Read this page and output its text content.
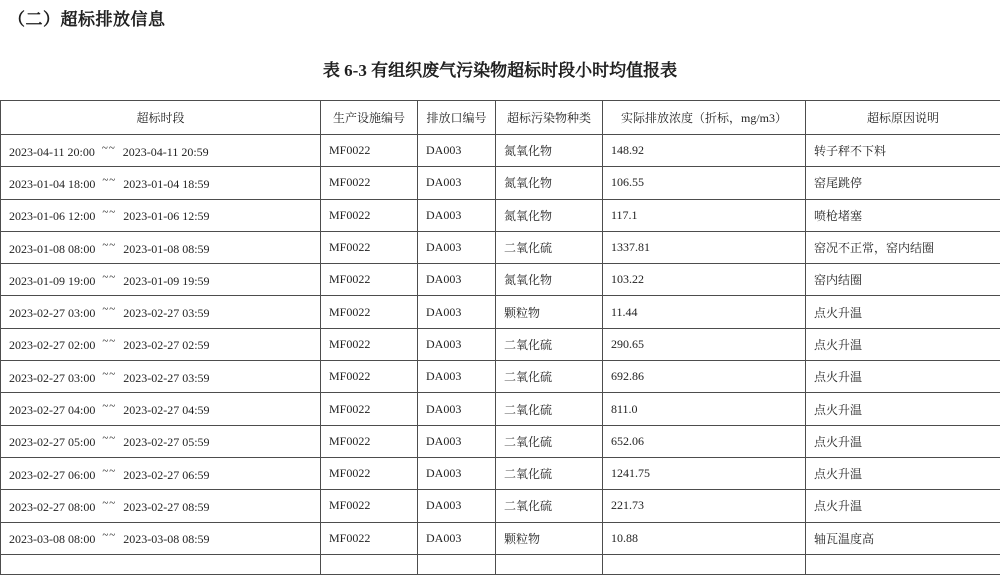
（二）超标排放信息
表 6-3 有组织废气污染物超标时段小时均值报表
超标时段	生产设施编号	排放口编号	超标污染物种类	实际排放浓度（折标，mg/m3）	超标原因说明
2023-04-11 20:00 ~~ 2023-04-11 20:59	MF0022	DA003	氮氧化物	148.92	转子秤不下料
2023-01-04 18:00 ~~ 2023-01-04 18:59	MF0022	DA003	氮氧化物	106.55	窑尾跳停
2023-01-06 12:00 ~~ 2023-01-06 12:59	MF0022	DA003	氮氧化物	117.1	喷枪堵塞
2023-01-08 08:00 ~~ 2023-01-08 08:59	MF0022	DA003	二氧化硫	1337.81	窑况不正常，窑内结圈
2023-01-09 19:00 ~~ 2023-01-09 19:59	MF0022	DA003	氮氧化物	103.22	窑内结圈
2023-02-27 03:00 ~~ 2023-02-27 03:59	MF0022	DA003	颗粒物	11.44	点火升温
2023-02-27 02:00 ~~ 2023-02-27 02:59	MF0022	DA003	二氧化硫	290.65	点火升温
2023-02-27 03:00 ~~ 2023-02-27 03:59	MF0022	DA003	二氧化硫	692.86	点火升温
2023-02-27 04:00 ~~ 2023-02-27 04:59	MF0022	DA003	二氧化硫	811.0	点火升温
2023-02-27 05:00 ~~ 2023-02-27 05:59	MF0022	DA003	二氧化硫	652.06	点火升温
2023-02-27 06:00 ~~ 2023-02-27 06:59	MF0022	DA003	二氧化硫	1241.75	点火升温
2023-02-27 08:00 ~~ 2023-02-27 08:59	MF0022	DA003	二氧化硫	221.73	点火升温
2023-03-08 08:00 ~~ 2023-03-08 08:59	MF0022	DA003	颗粒物	10.88	轴瓦温度高
